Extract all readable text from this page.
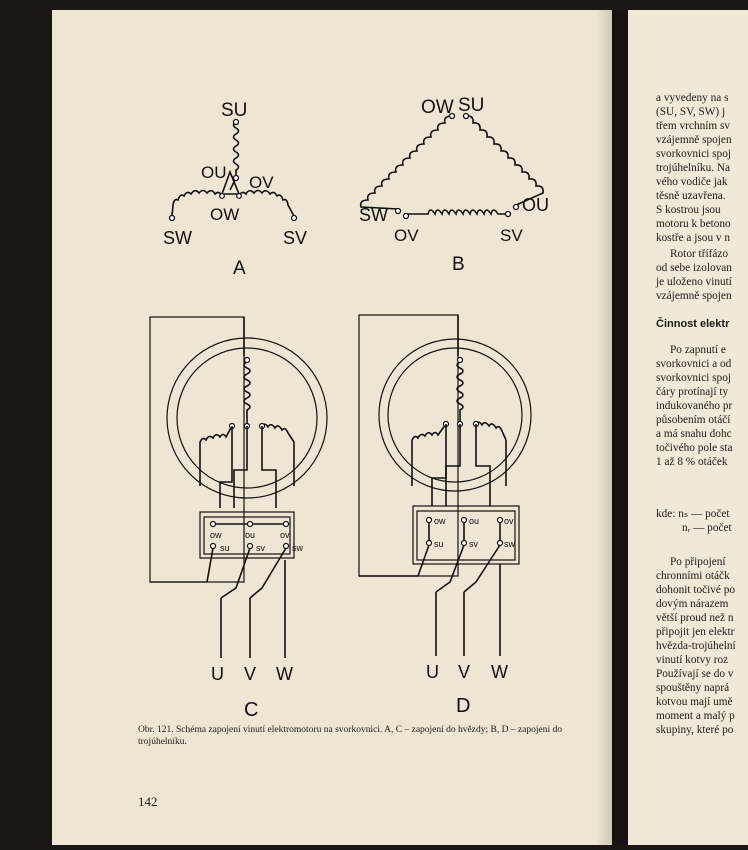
SU
OU
OV
OW
SW	SV
A
OW SU
SW	OU
OV	SV
B
ow	ou	ov
su	sv	sw
U V W
C
ow	ou	ov
su	sv	sw
U V W
D

Obr. 121. Schéma zapojení vinutí elektromotoru na svorkovnici. A, C – zapojení do hvězdy; B, D – zapojení do trojúhelníku.

142
a vyvedeny na s
(SU, SV, SW) j
třem vrchním sv
vzájemně spojen
svorkovnici spoj
trojúhelníku. Na
vého vodiče jak
těsně uzavřena.
S kostrou jsou
motoru k betono
kostře a jsou v n
Rotor třífázo
od sebe izolovan
je uloženo vinutí
vzájemně spojen
Činnost elektr
Po zapnutí e
svorkovnici a od
svorkovnici spoj
čáry protínají ty
indukovaného pr
působením otáčí
a má snahu dohc
točivého pole sta
1 až 8 % otáček
kde: nₛ — počet
nᵣ — počet
Po připojení
chronními otáčk
dohonit točivé po
dovým nárazem
větší proud než n
připojit jen elektr
hvězda-trojúhelní
vinutí kotvy roz
Používají se do v
spouštěny naprá
kotvou mají umě
moment a malý p
skupiny, které po
